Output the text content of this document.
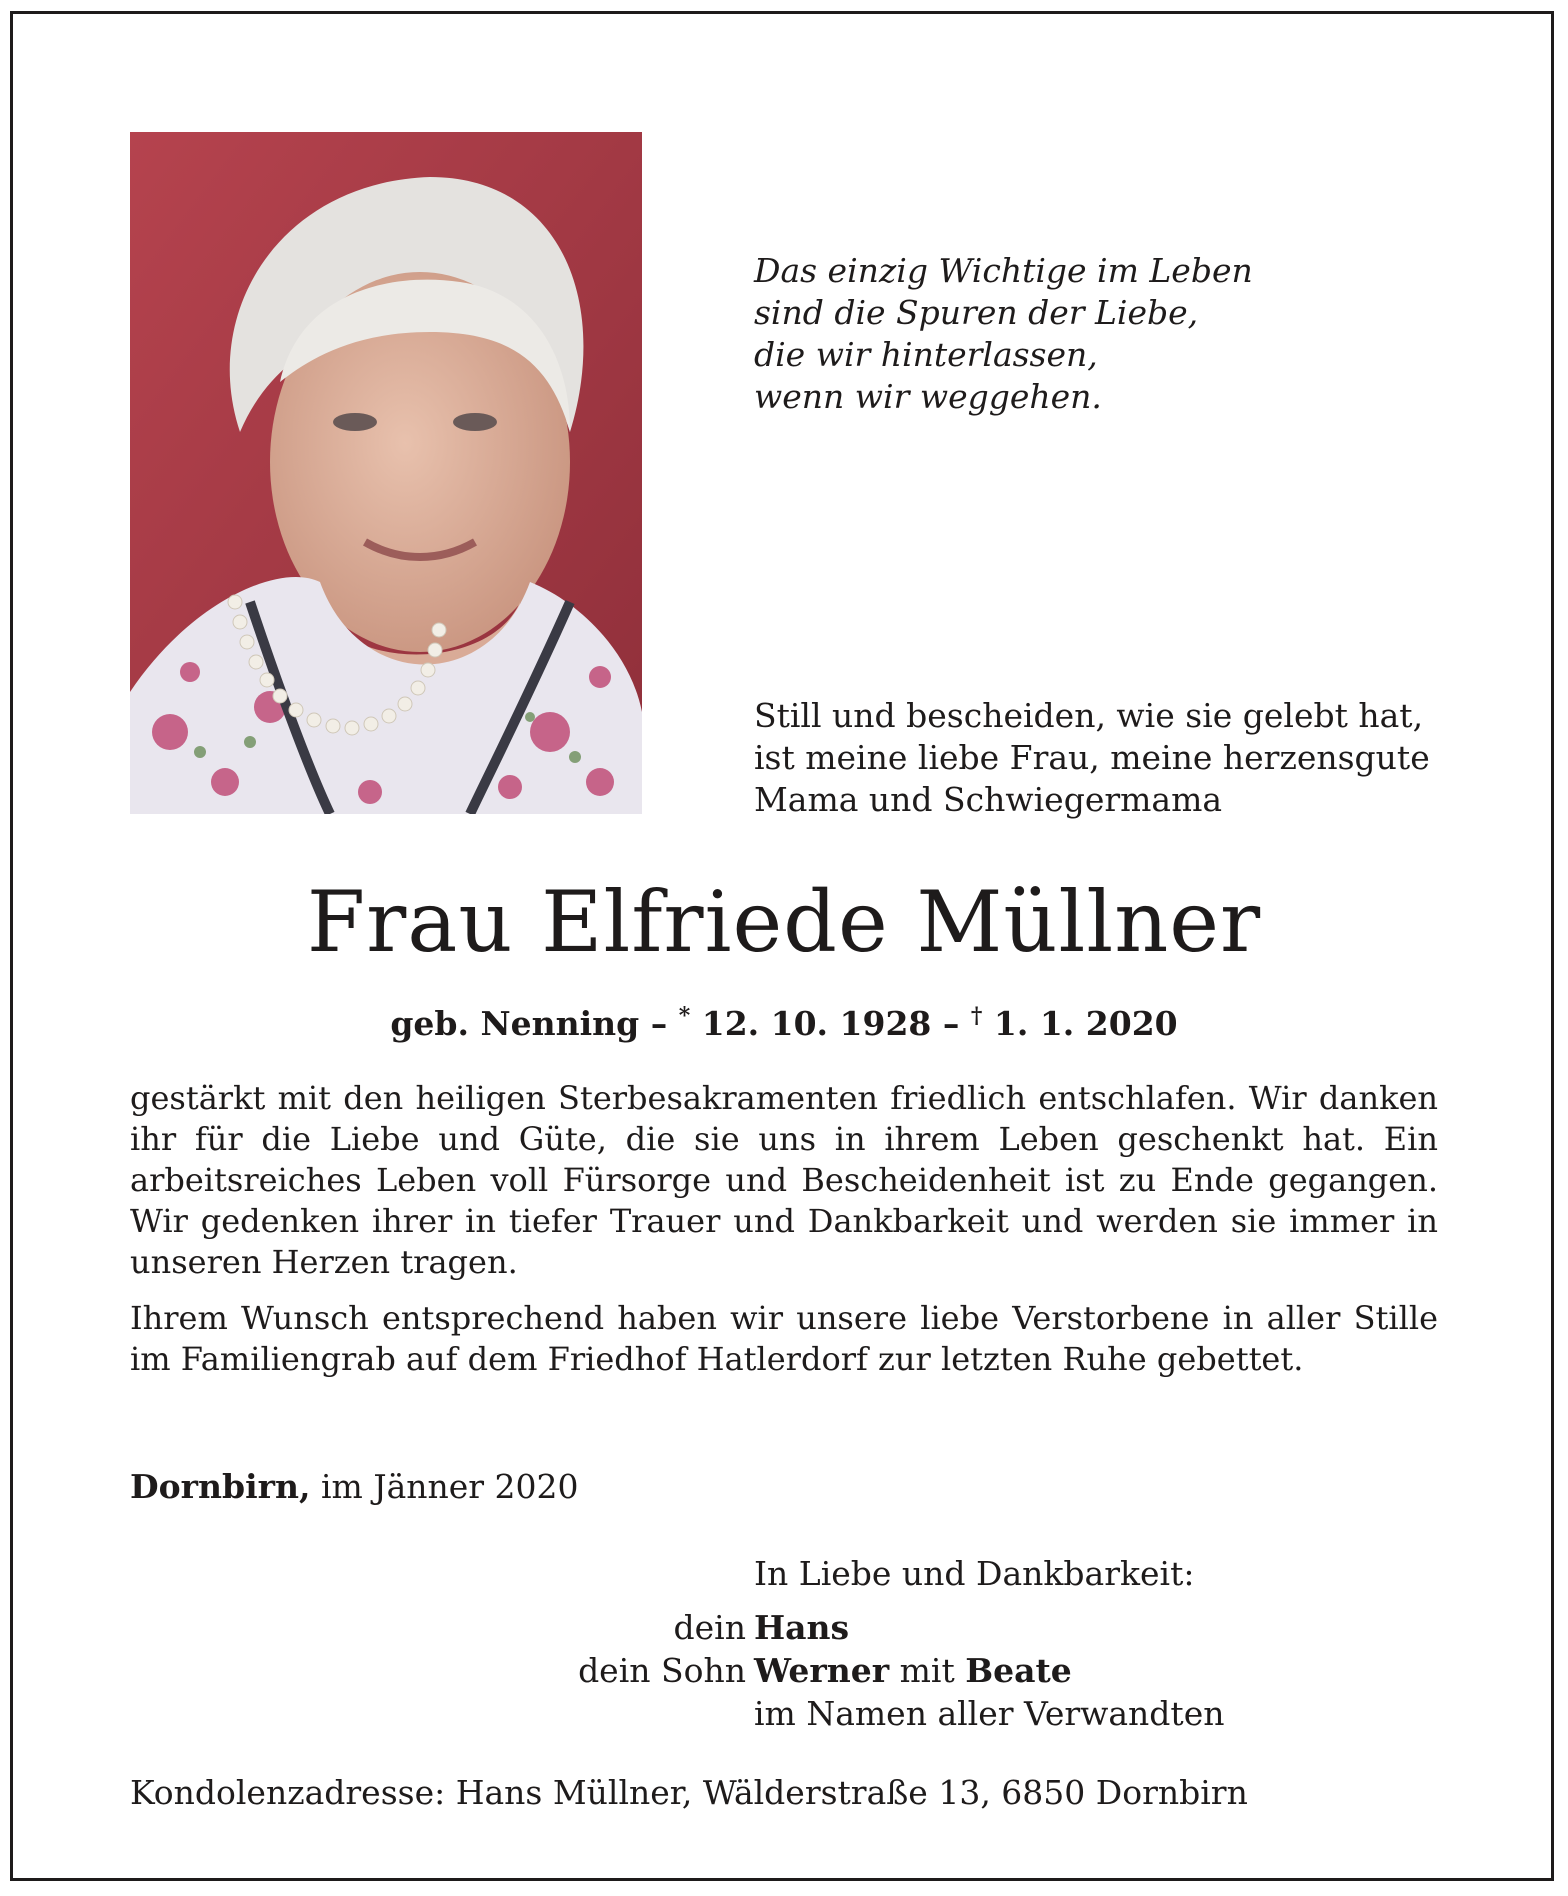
Das einzig Wichtige im Leben
sind die Spuren der Liebe,
die wir hinterlassen,
wenn wir weggehen.
Still und bescheiden, wie sie gelebt hat,
ist meine liebe Frau, meine herzensgute
Mama und Schwiegermama
Frau Elfriede Müllner
geb. Nenning – * 12. 10. 1928 – † 1. 1. 2020

gestärkt mit den heiligen Sterbesakramenten friedlich entschlafen. Wir danken ihr für die Liebe und Güte, die sie uns in ihrem Leben geschenkt hat. Ein arbeitsreiches Leben voll Fürsorge und Bescheidenheit ist zu Ende gegangen. Wir gedenken ihrer in tiefer Trauer und Dankbarkeit und werden sie immer in unseren Herzen tragen.

Ihrem Wunsch entsprechend haben wir unsere liebe Verstorbene in aller Stille im Familiengrab auf dem Friedhof Hatlerdorf zur letzten Ruhe gebettet.

Dornbirn, im Jänner 2020
In Liebe und Dankbarkeit:
dein Hans
dein Sohn Werner mit Beate
im Namen aller Verwandten
Kondolenzadresse: Hans Müllner, Wälderstraße 13, 6850 Dornbirn
